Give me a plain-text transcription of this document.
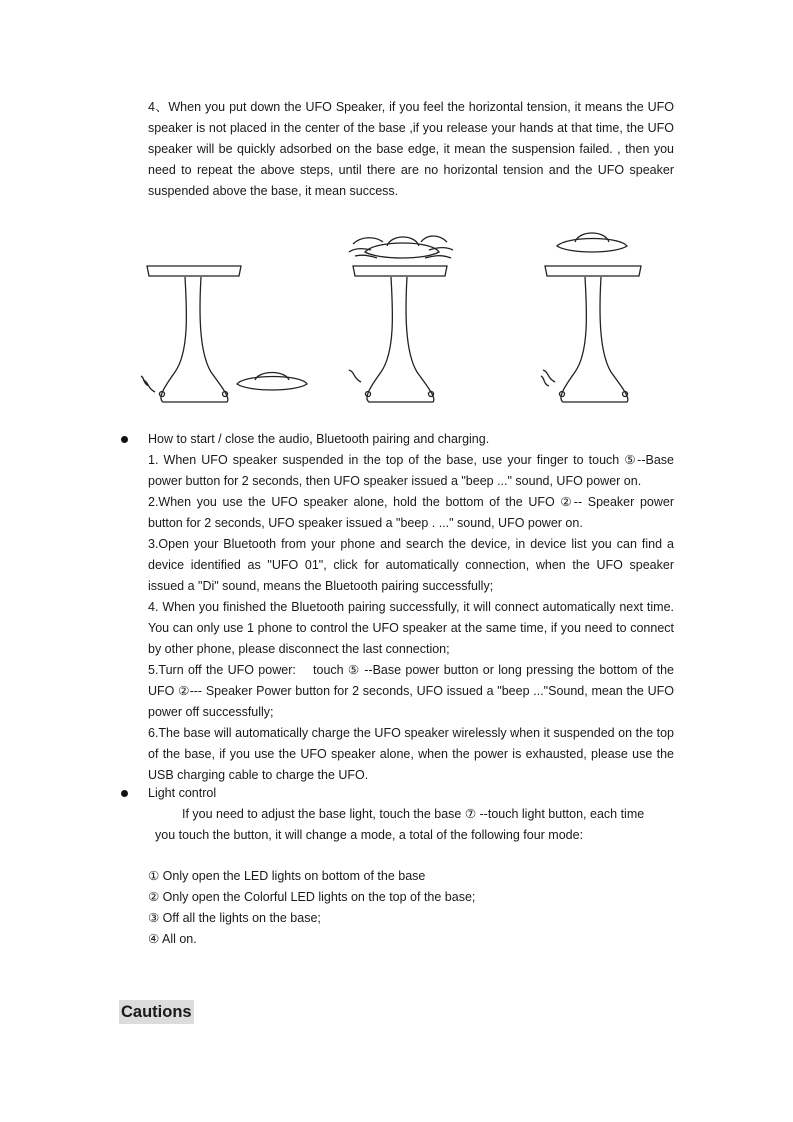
4、When you put down the UFO Speaker, if you feel the horizontal tension, it means the UFO speaker is not placed in the center of the base ,if you release your hands at that time, the UFO speaker will be quickly adsorbed on the base edge, it mean the suspension failed. , then you need to repeat the above steps, until there are no horizontal tension and the UFO speaker suspended above the base, it mean success.

How to start / close the audio, Bluetooth pairing and charging.

1. When UFO speaker suspended in the top of the base, use your finger to touch ⑤--Base power button for 2 seconds, then UFO speaker issued a "beep ..." sound, UFO power on.

2.When you use the UFO speaker alone, hold the bottom of the UFO ②-- Speaker power button for 2 seconds, UFO speaker issued a "beep . ..." sound, UFO power on.

3.Open your Bluetooth from your phone and search the device, in device list you can find a device identified as "UFO 01", click for automatically connection, when the UFO speaker issued a "Di" sound, means the Bluetooth pairing successfully;

4. When you finished the Bluetooth pairing successfully, it will connect automatically next time. You can only use 1 phone to control the UFO speaker at the same time, if you need to connect by other phone, please disconnect the last connection;

5.Turn off the UFO power:    touch ⑤ --Base power button or long pressing the bottom of the UFO ②--- Speaker Power button for 2 seconds, UFO issued a "beep ..."Sound, mean the UFO power off successfully;

6.The base will automatically charge the UFO speaker wirelessly when it suspended on the top of the base, if you use the UFO speaker alone, when the power is exhausted, please use the USB charging cable to charge the UFO.

Light control

If you need to adjust the base light, touch the base ⑦ --touch light button, each time

you touch the button, it will change a mode, a total of the following four mode:

① Only open the LED lights on bottom of the base

② Only open the Colorful LED lights on the top of the base;

③ Off all the lights on the base;

④ All on.

Cautions
